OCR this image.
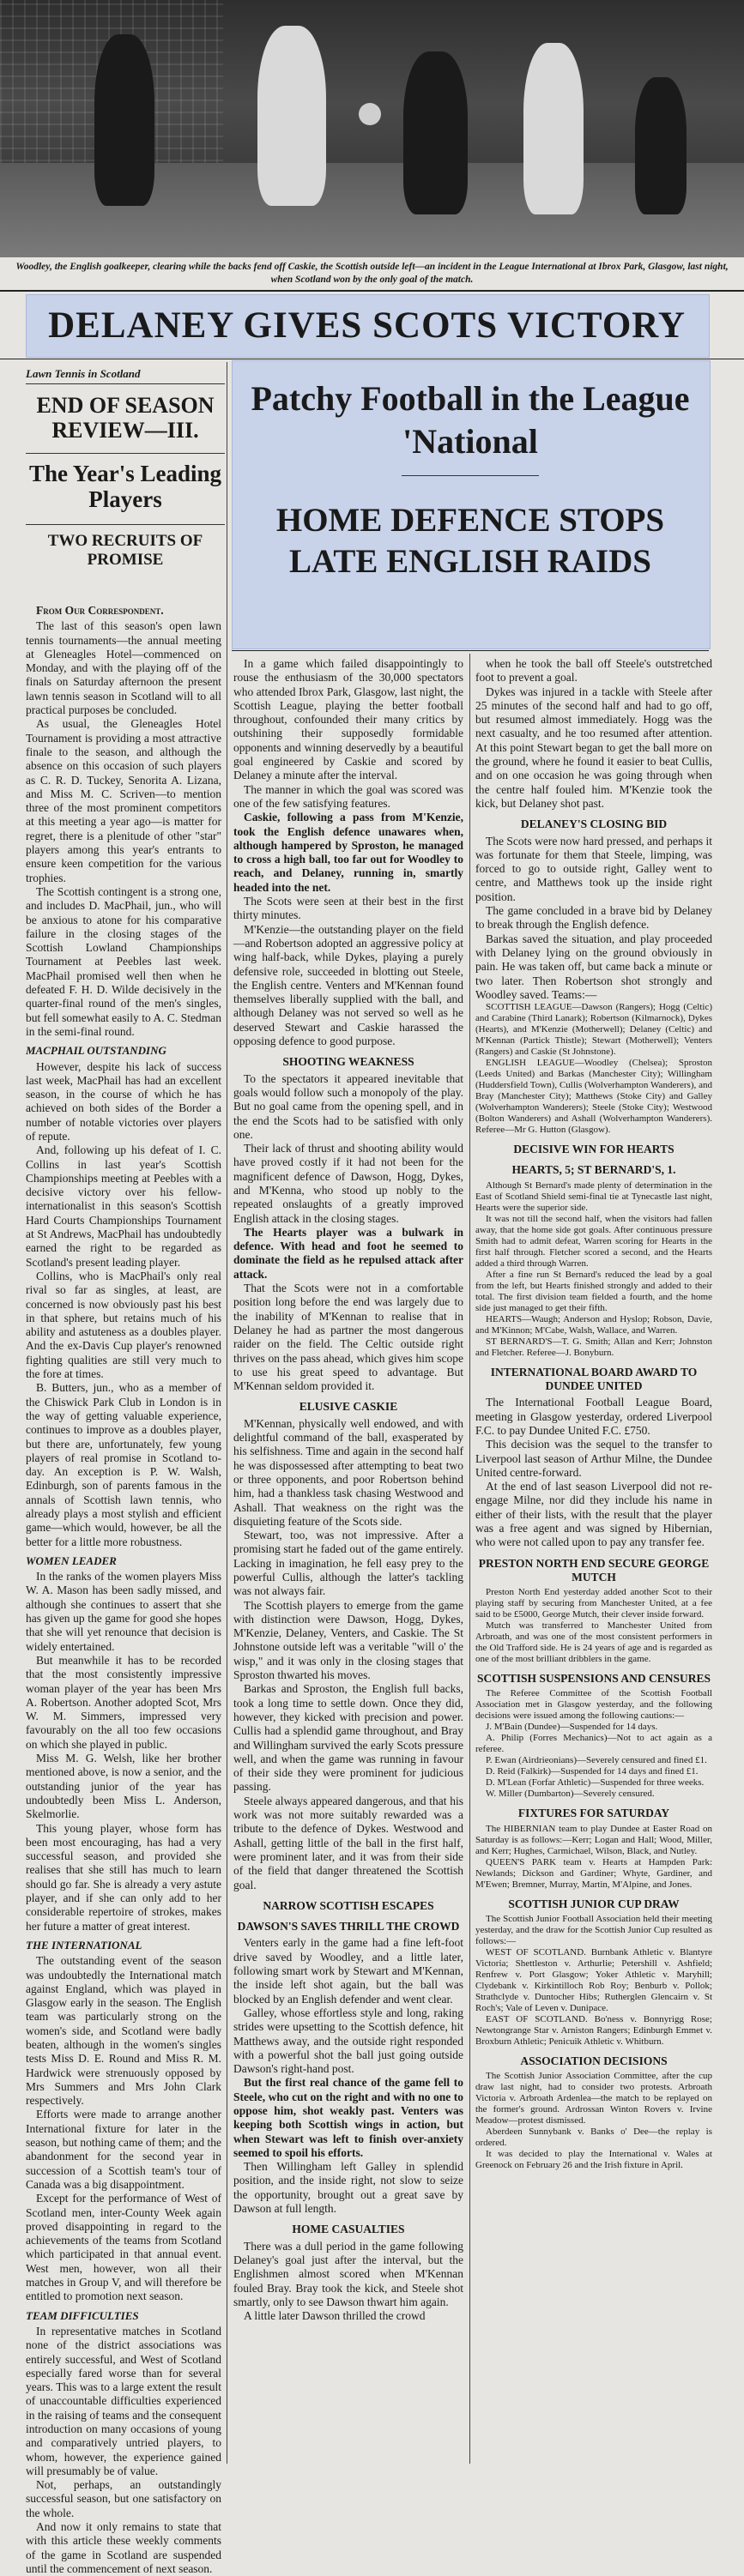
Woodley, the English goalkeeper, clearing while the backs fend off Caskie, the Scottish outside left—an incident in the League International at Ibrox Park, Glasgow, last night, when Scotland won by the only goal of the match.
DELANEY GIVES SCOTS VICTORY
Lawn Tennis in Scotland
END OF SEASON REVIEW—III.
The Year's Leading Players
TWO RECRUITS OF PROMISE
Patchy Football in the League 'National
HOME DEFENCE STOPS LATE ENGLISH RAIDS
From Our Correspondent.

The last of this season's open lawn tennis tournaments—the annual meeting at Gleneagles Hotel—commenced on Monday, and with the playing off of the finals on Saturday afternoon the present lawn tennis season in Scotland will to all practical purposes be concluded.

As usual, the Gleneagles Hotel Tournament is providing a most attractive finale to the season, and although the absence on this occasion of such players as C. R. D. Tuckey, Senorita A. Lizana, and Miss M. C. Scriven—to mention three of the most prominent competitors at this meeting a year ago—is matter for regret, there is a plenitude of other "star" players among this year's entrants to ensure keen competition for the various trophies.

The Scottish contingent is a strong one, and includes D. MacPhail, jun., who will be anxious to atone for his comparative failure in the closing stages of the Scottish Lowland Championships Tournament at Peebles last week. MacPhail promised well then when he defeated F. H. D. Wilde decisively in the quarter-final round of the men's singles, but fell somewhat easily to A. C. Stedman in the semi-final round.

MACPHAIL OUTSTANDING

However, despite his lack of success last week, MacPhail has had an excellent season, in the course of which he has achieved on both sides of the Border a number of notable victories over players of repute.

And, following up his defeat of I. C. Collins in last year's Scottish Championships meeting at Peebles with a decisive victory over his fellow-internationalist in this season's Scottish Hard Courts Championships Tournament at St Andrews, MacPhail has undoubtedly earned the right to be regarded as Scotland's present leading player.

Collins, who is MacPhail's only real rival so far as singles, at least, are concerned is now obviously past his best in that sphere, but retains much of his ability and astuteness as a doubles player. And the ex-Davis Cup player's renowned fighting qualities are still very much to the fore at times.

B. Butters, jun., who as a member of the Chiswick Park Club in London is in the way of getting valuable experience, continues to improve as a doubles player, but there are, unfortunately, few young players of real promise in Scotland to-day. An exception is P. W. Walsh, Edinburgh, son of parents famous in the annals of Scottish lawn tennis, who already plays a most stylish and efficient game—which would, however, be all the better for a little more robustness.

WOMEN LEADER

In the ranks of the women players Miss W. A. Mason has been sadly missed, and although she continues to assert that she has given up the game for good she hopes that she will yet renounce that decision is widely entertained.

But meanwhile it has to be recorded that the most consistently impressive woman player of the year has been Mrs A. Robertson. Another adopted Scot, Mrs W. M. Simmers, impressed very favourably on the all too few occasions on which she played in public.

Miss M. G. Welsh, like her brother mentioned above, is now a senior, and the outstanding junior of the year has undoubtedly been Miss L. Anderson, Skelmorlie.

This young player, whose form has been most encouraging, has had a very successful season, and provided she realises that she still has much to learn should go far. She is already a very astute player, and if she can only add to her considerable repertoire of strokes, makes her future a matter of great interest.

THE INTERNATIONAL

The outstanding event of the season was undoubtedly the International match against England, which was played in Glasgow early in the season. The English team was particularly strong on the women's side, and Scotland were badly beaten, although in the women's singles tests Miss D. E. Round and Miss R. M. Hardwick were strenuously opposed by Mrs Summers and Mrs John Clark respectively.

Efforts were made to arrange another International fixture for later in the season, but nothing came of them; and the abandonment for the second year in succession of a Scottish team's tour of Canada was a big disappointment.

Except for the performance of West of Scotland men, inter-County Week again proved disappointing in regard to the achievements of the teams from Scotland which participated in that annual event. West men, however, won all their matches in Group V, and will therefore be entitled to promotion next season.

TEAM DIFFICULTIES

In representative matches in Scotland none of the district associations was entirely successful, and West of Scotland especially fared worse than for several years. This was to a large extent the result of unaccountable difficulties experienced in the raising of teams and the consequent introduction on many occasions of young and comparatively untried players, to whom, however, the experience gained will presumably be of value.

Not, perhaps, an outstandingly successful season, but one satisfactory on the whole.

And now it only remains to state that with this article these weekly comments of the game in Scotland are suspended until the commencement of next season.

In a game which failed disappointingly to rouse the enthusiasm of the 30,000 spectators who attended Ibrox Park, Glasgow, last night, the Scottish League, playing the better football throughout, confounded their many critics by outshining their supposedly formidable opponents and winning deservedly by a beautiful goal engineered by Caskie and scored by Delaney a minute after the interval.

The manner in which the goal was scored was one of the few satisfying features.

Caskie, following a pass from M'Kenzie, took the English defence unawares when, although hampered by Sproston, he managed to cross a high ball, too far out for Woodley to reach, and Delaney, running in, smartly headed into the net.

The Scots were seen at their best in the first thirty minutes.

M'Kenzie—the outstanding player on the field—and Robertson adopted an aggressive policy at wing half-back, while Dykes, playing a purely defensive role, succeeded in blotting out Steele, the English centre. Venters and M'Kennan found themselves liberally supplied with the ball, and although Delaney was not served so well as he deserved Stewart and Caskie harassed the opposing defence to good purpose.

SHOOTING WEAKNESS

To the spectators it appeared inevitable that goals would follow such a monopoly of the play. But no goal came from the opening spell, and in the end the Scots had to be satisfied with only one.

Their lack of thrust and shooting ability would have proved costly if it had not been for the magnificent defence of Dawson, Hogg, Dykes, and M'Kenna, who stood up nobly to the repeated onslaughts of a greatly improved English attack in the closing stages.

The Hearts player was a bulwark in defence. With head and foot he seemed to dominate the field as he repulsed attack after attack.

That the Scots were not in a comfortable position long before the end was largely due to the inability of M'Kennan to realise that in Delaney he had as partner the most dangerous raider on the field. The Celtic outside right thrives on the pass ahead, which gives him scope to use his great speed to advantage. But M'Kennan seldom provided it.

ELUSIVE CASKIE

M'Kennan, physically well endowed, and with delightful command of the ball, exasperated by his selfishness. Time and again in the second half he was dispossessed after attempting to beat two or three opponents, and poor Robertson behind him, had a thankless task chasing Westwood and Ashall. That weakness on the right was the disquieting feature of the Scots side.

Stewart, too, was not impressive. After a promising start he faded out of the game entirely. Lacking in imagination, he fell easy prey to the powerful Cullis, although the latter's tackling was not always fair.

The Scottish players to emerge from the game with distinction were Dawson, Hogg, Dykes, M'Kenzie, Delaney, Venters, and Caskie. The St Johnstone outside left was a veritable "will o' the wisp," and it was only in the closing stages that Sproston thwarted his moves.

Barkas and Sproston, the English full backs, took a long time to settle down. Once they did, however, they kicked with precision and power. Cullis had a splendid game throughout, and Bray and Willingham survived the early Scots pressure well, and when the game was running in favour of their side they were prominent for judicious passing.

Steele always appeared dangerous, and that his work was not more suitably rewarded was a tribute to the defence of Dykes. Westwood and Ashall, getting little of the ball in the first half, were prominent later, and it was from their side of the field that danger threatened the Scottish goal.

NARROW SCOTTISH ESCAPES
DAWSON'S SAVES THRILL THE CROWD

Venters early in the game had a fine left-foot drive saved by Woodley, and a little later, following smart work by Stewart and M'Kennan, the inside left shot again, but the ball was blocked by an English defender and went clear.

Galley, whose effortless style and long, raking strides were upsetting to the Scottish defence, hit Matthews away, and the outside right responded with a powerful shot the ball just going outside Dawson's right-hand post.

But the first real chance of the game fell to Steele, who cut on the right and with no one to oppose him, shot weakly past. Venters was keeping both Scottish wings in action, but when Stewart was left to finish over-anxiety seemed to spoil his efforts.

Then Willingham left Galley in splendid position, and the inside right, not slow to seize the opportunity, brought out a great save by Dawson at full length.

HOME CASUALTIES

There was a dull period in the game following Delaney's goal just after the interval, but the Englishmen almost scored when M'Kennan fouled Bray. Bray took the kick, and Steele shot smartly, only to see Dawson thwart him again.

A little later Dawson thrilled the crowd

when he took the ball off Steele's outstretched foot to prevent a goal.

Dykes was injured in a tackle with Steele after 25 minutes of the second half and had to go off, but resumed almost immediately. Hogg was the next casualty, and he too resumed after attention. At this point Stewart began to get the ball more on the ground, where he found it easier to beat Cullis, and on one occasion he was going through when the centre half fouled him. M'Kenzie took the kick, but Delaney shot past.

DELANEY'S CLOSING BID

The Scots were now hard pressed, and perhaps it was fortunate for them that Steele, limping, was forced to go to outside right, Galley went to centre, and Matthews took up the inside right position.

The game concluded in a brave bid by Delaney to break through the English defence.

Barkas saved the situation, and play proceeded with Delaney lying on the ground obviously in pain. He was taken off, but came back a minute or two later. Then Robertson shot strongly and Woodley saved. Teams:—

SCOTTISH LEAGUE—Dawson (Rangers); Hogg (Celtic) and Carabine (Third Lanark); Robertson (Kilmarnock), Dykes (Hearts), and M'Kenzie (Motherwell); Delaney (Celtic) and M'Kennan (Partick Thistle); Stewart (Motherwell); Venters (Rangers) and Caskie (St Johnstone).

ENGLISH LEAGUE—Woodley (Chelsea); Sproston (Leeds United) and Barkas (Manchester City); Willingham (Huddersfield Town), Cullis (Wolverhampton Wanderers), and Bray (Manchester City); Matthews (Stoke City) and Galley (Wolverhampton Wanderers); Steele (Stoke City); Westwood (Bolton Wanderers) and Ashall (Wolverhampton Wanderers). Referee—Mr G. Hutton (Glasgow).

DECISIVE WIN FOR HEARTS
HEARTS, 5; ST BERNARD'S, 1.

Although St Bernard's made plenty of determination in the East of Scotland Shield semi-final tie at Tynecastle last night, Hearts were the superior side.

It was not till the second half, when the visitors had fallen away, that the home side got goals. After continuous pressure Smith had to admit defeat, Warren scoring for Hearts in the first half through. Fletcher scored a second, and the Hearts added a third through Warren.

After a fine run St Bernard's reduced the lead by a goal from the left, but Hearts finished strongly and added to their total. The first division team fielded a fourth, and the home side just managed to get their fifth.

HEARTS—Waugh; Anderson and Hyslop; Robson, Davie, and M'Kinnon; M'Cabe, Walsh, Wallace, and Warren.

ST BERNARD'S—T. G. Smith; Allan and Kerr; Johnston and Fletcher. Referee—J. Bonyburn.

INTERNATIONAL BOARD AWARD TO DUNDEE UNITED

The International Football League Board, meeting in Glasgow yesterday, ordered Liverpool F.C. to pay Dundee United F.C. £750.

This decision was the sequel to the transfer to Liverpool last season of Arthur Milne, the Dundee United centre-forward.

At the end of last season Liverpool did not re-engage Milne, nor did they include his name in either of their lists, with the result that the player was a free agent and was signed by Hibernian, who were not called upon to pay any transfer fee.

PRESTON NORTH END SECURE GEORGE MUTCH

Preston North End yesterday added another Scot to their playing staff by securing from Manchester United, at a fee said to be £5000, George Mutch, their clever inside forward.

Mutch was transferred to Manchester United from Arbroath, and was one of the most consistent performers in the Old Trafford side. He is 24 years of age and is regarded as one of the most brilliant dribblers in the game.

SCOTTISH SUSPENSIONS AND CENSURES

The Referee Committee of the Scottish Football Association met in Glasgow yesterday, and the following decisions were issued among the following cautions:—

J. M'Bain (Dundee)—Suspended for 14 days.

A. Philip (Forres Mechanics)—Not to act again as a referee.

P. Ewan (Airdrieonians)—Severely censured and fined £1.

D. Reid (Falkirk)—Suspended for 14 days and fined £1.

D. M'Lean (Forfar Athletic)—Suspended for three weeks.

W. Miller (Dumbarton)—Severely censured.

FIXTURES FOR SATURDAY

The HIBERNIAN team to play Dundee at Easter Road on Saturday is as follows:—Kerr; Logan and Hall; Wood, Miller, and Kerr; Hughes, Carmichael, Wilson, Black, and Nutley.

QUEEN'S PARK team v. Hearts at Hampden Park: Newlands; Dickson and Gardiner; Whyte, Gardiner, and M'Ewen; Bremner, Murray, Martin, M'Alpine, and Jones.

SCOTTISH JUNIOR CUP DRAW

The Scottish Junior Football Association held their meeting yesterday, and the draw for the Scottish Junior Cup resulted as follows:—

WEST OF SCOTLAND. Burnbank Athletic v. Blantyre Victoria; Shettleston v. Arthurlie; Petershill v. Ashfield; Renfrew v. Port Glasgow; Yoker Athletic v. Maryhill; Clydebank v. Kirkintilloch Rob Roy; Benburb v. Pollok; Strathclyde v. Duntocher Hibs; Rutherglen Glencairn v. St Roch's; Vale of Leven v. Dunipace.

EAST OF SCOTLAND. Bo'ness v. Bonnyrigg Rose; Newtongrange Star v. Arniston Rangers; Edinburgh Emmet v. Broxburn Athletic; Penicuik Athletic v. Whitburn.

ASSOCIATION DECISIONS

The Scottish Junior Association Committee, after the cup draw last night, had to consider two protests. Arbroath Victoria v. Arbroath Ardenlea—the match to be replayed on the former's ground. Ardrossan Winton Rovers v. Irvine Meadow—protest dismissed.

Aberdeen Sunnybank v. Banks o' Dee—the replay is ordered.

It was decided to play the International v. Wales at Greenock on February 26 and the Irish fixture in April.
